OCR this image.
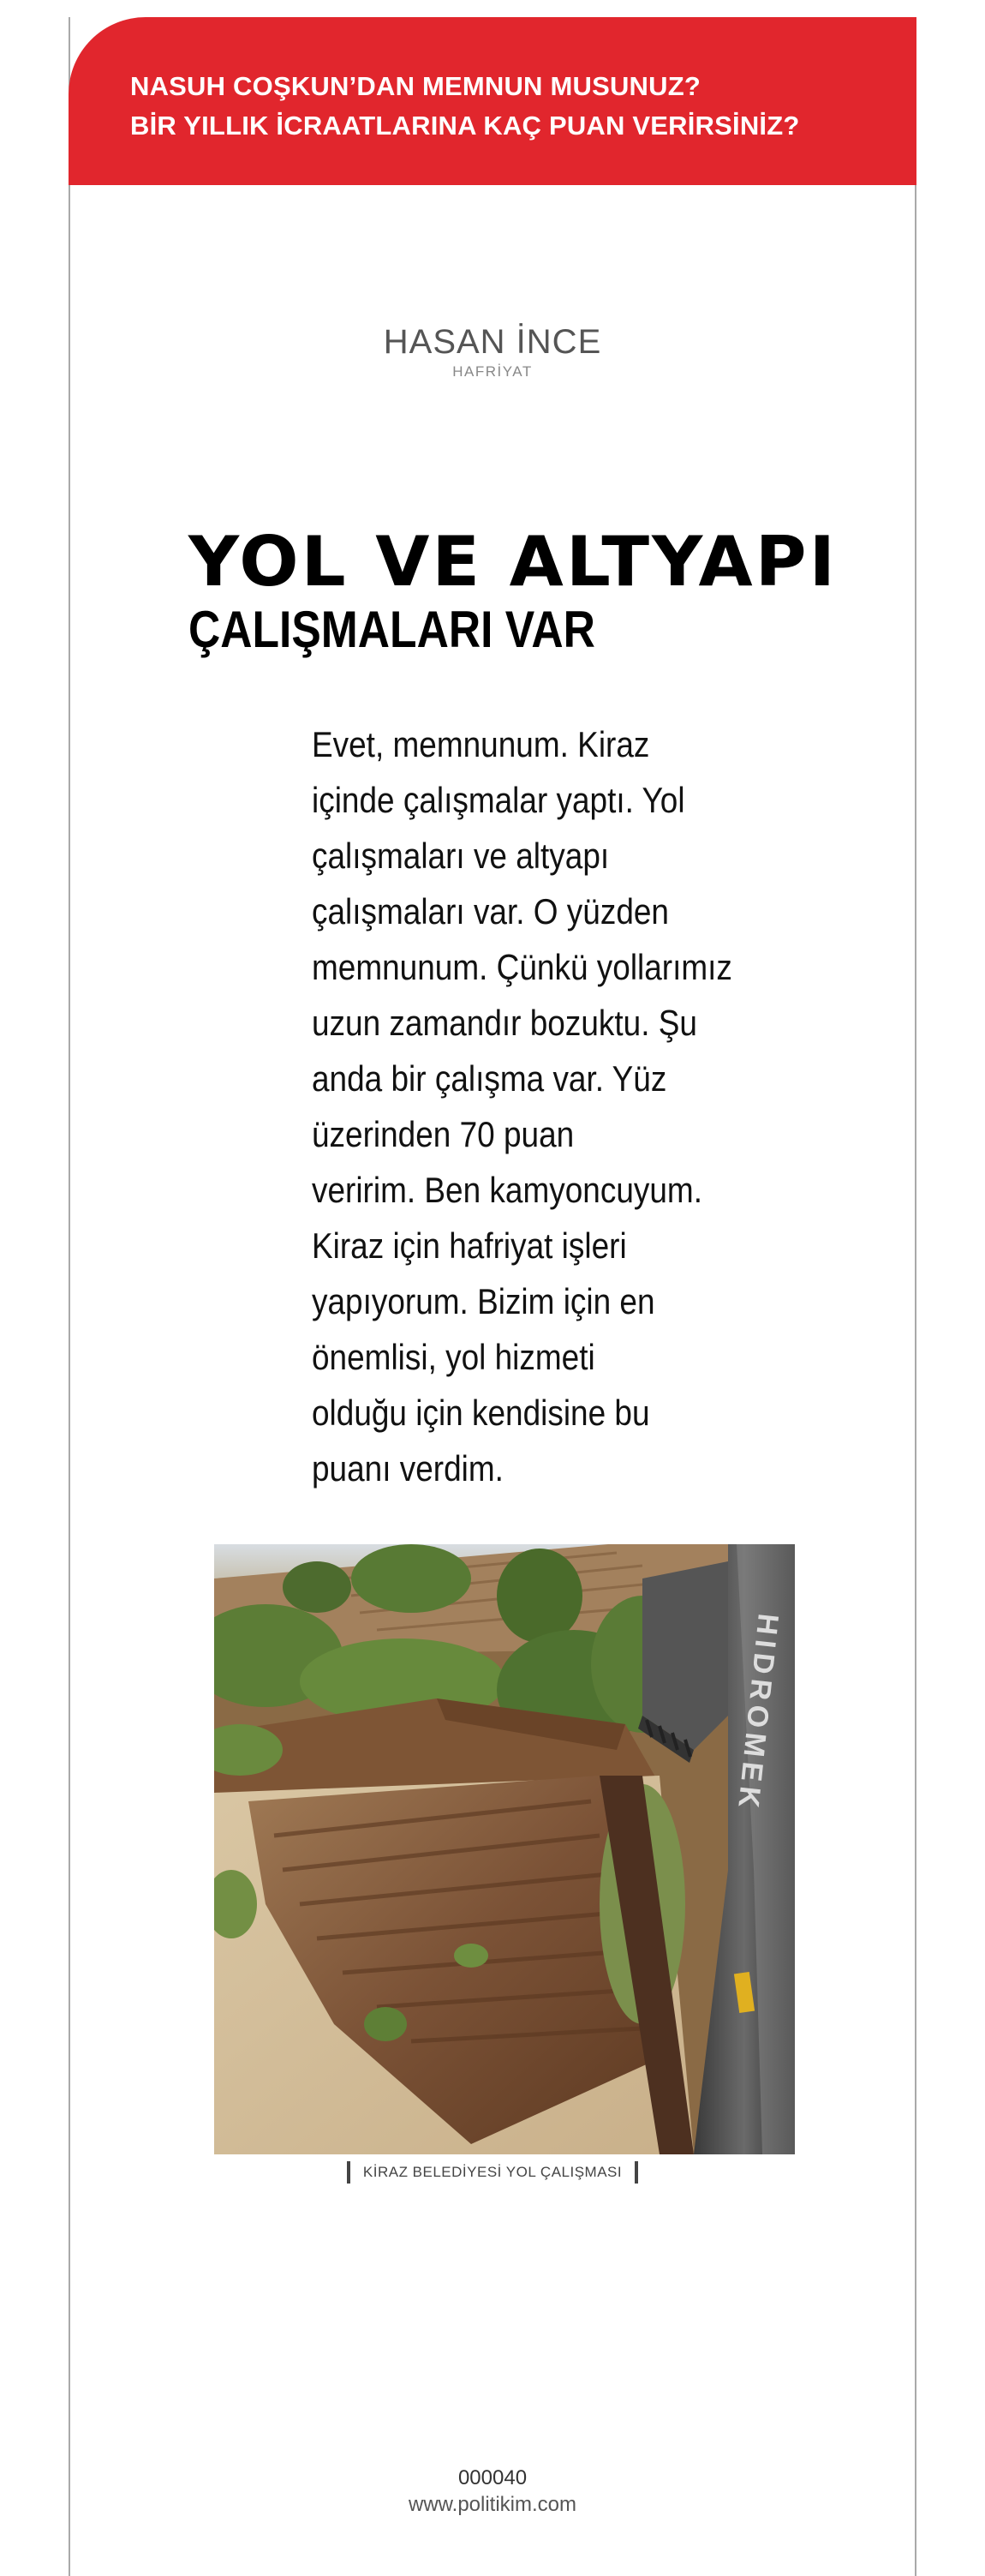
NASUH COŞKUN’DAN MEMNUN MUSUNUZ?
BİR YILLIK İCRAATLARINA KAÇ PUAN VERİRSİNİZ?
HASAN İNCE
HAFRİYAT
YOL VE ALTYAPI
ÇALIŞMALARI VAR

Evet, memnunum. Kiraz
içinde çalışmalar yaptı. Yol
çalışmaları ve altyapı
çalışmaları var. O yüzden
memnunum. Çünkü yollarımız
uzun zamandır bozuktu. Şu
anda bir çalışma var. Yüz
üzerinden 70 puan
veririm. Ben kamyoncuyum.
Kiraz için hafriyat işleri
yapıyorum. Bizim için en
önemlisi, yol hizmeti
olduğu için kendisine bu
puanı verdim.

HIDROMEK
KİRAZ BELEDİYESİ YOL ÇALIŞMASI
000040
www.politikim.com
